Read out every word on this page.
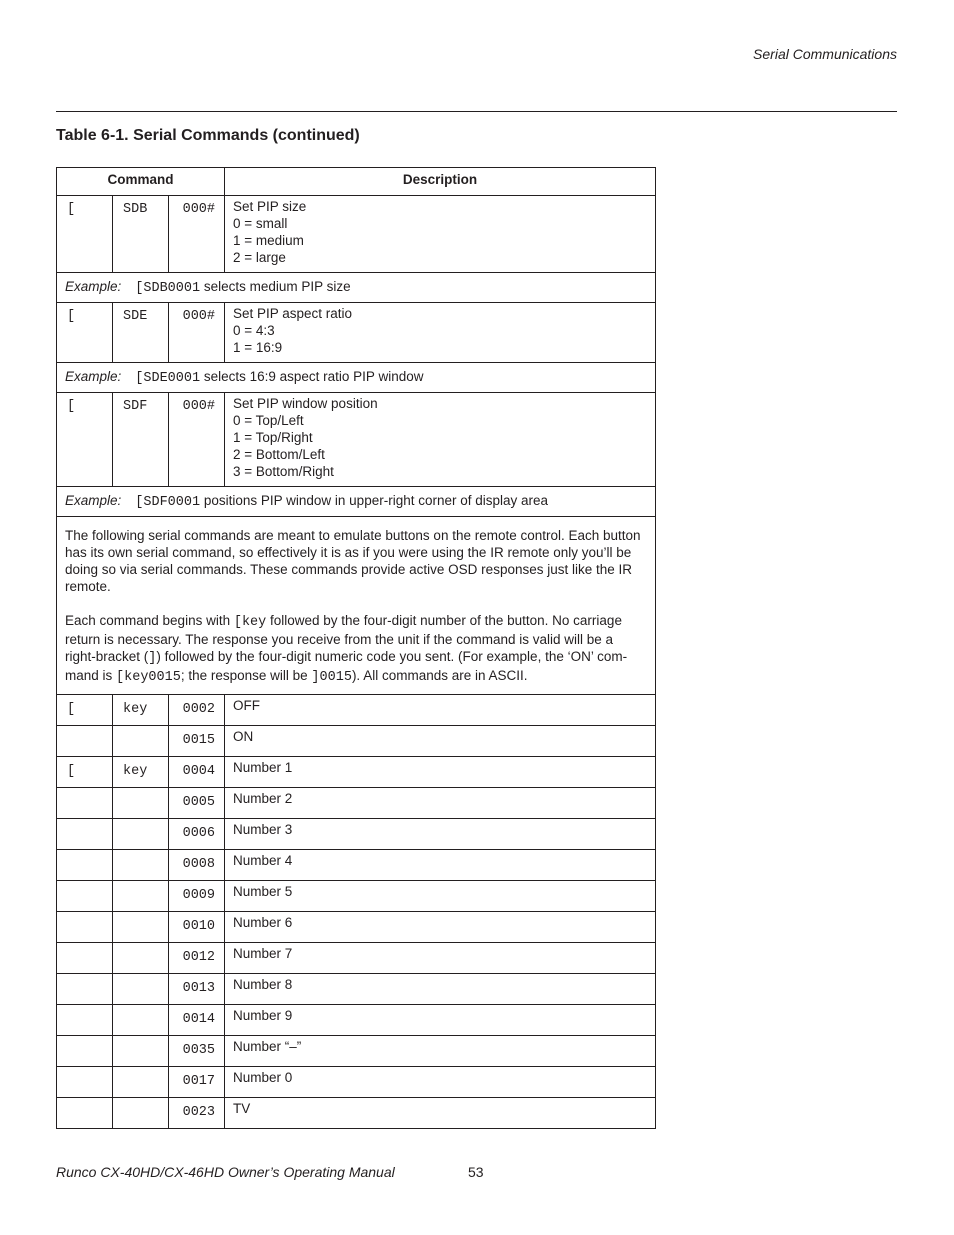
Serial Communications
Table 6-1. Serial Commands (continued)
Command			Description
[	SDB	000#	Set PIP size
0 = small
1 = medium
2 = large

Example: [SDB0001 selects medium PIP size			
[	SDE	000#	Set PIP aspect ratio
0 = 4:3
1 = 16:9

Example: [SDE0001 selects 16:9 aspect ratio PIP window			
[	SDF	000#	Set PIP window position
0 = Top/Left
1 = Top/Right
2 = Bottom/Left
3 = Bottom/Right

Example: [SDF0001 positions PIP window in upper-right corner of display area			

The following serial commands are meant to emulate buttons on the remote control. Each button has its own serial command, so effectively it is as if you were using the IR remote only you’ll be doing so via serial commands. These commands provide active OSD responses just like the IR remote.

Each command begins with [key followed by the four-digit number of the button. No carriage return is necessary. The response you receive from the unit if the command is valid will be a right-bracket (]) followed by the four-digit numeric code you sent. (For example, the ‘ON’ com-mand is [key0015; the response will be ]0015). All commands are in ASCII.			

[	key	0002	OFF
		0015	ON
[	key	0004	Number 1
		0005	Number 2
		0006	Number 3
		0008	Number 4
		0009	Number 5
		0010	Number 6
		0012	Number 7
		0013	Number 8
		0014	Number 9
		0035	Number “–”
		0017	Number 0
		0023	TV
Runco CX-40HD/CX-46HD Owner’s Operating Manual	53
